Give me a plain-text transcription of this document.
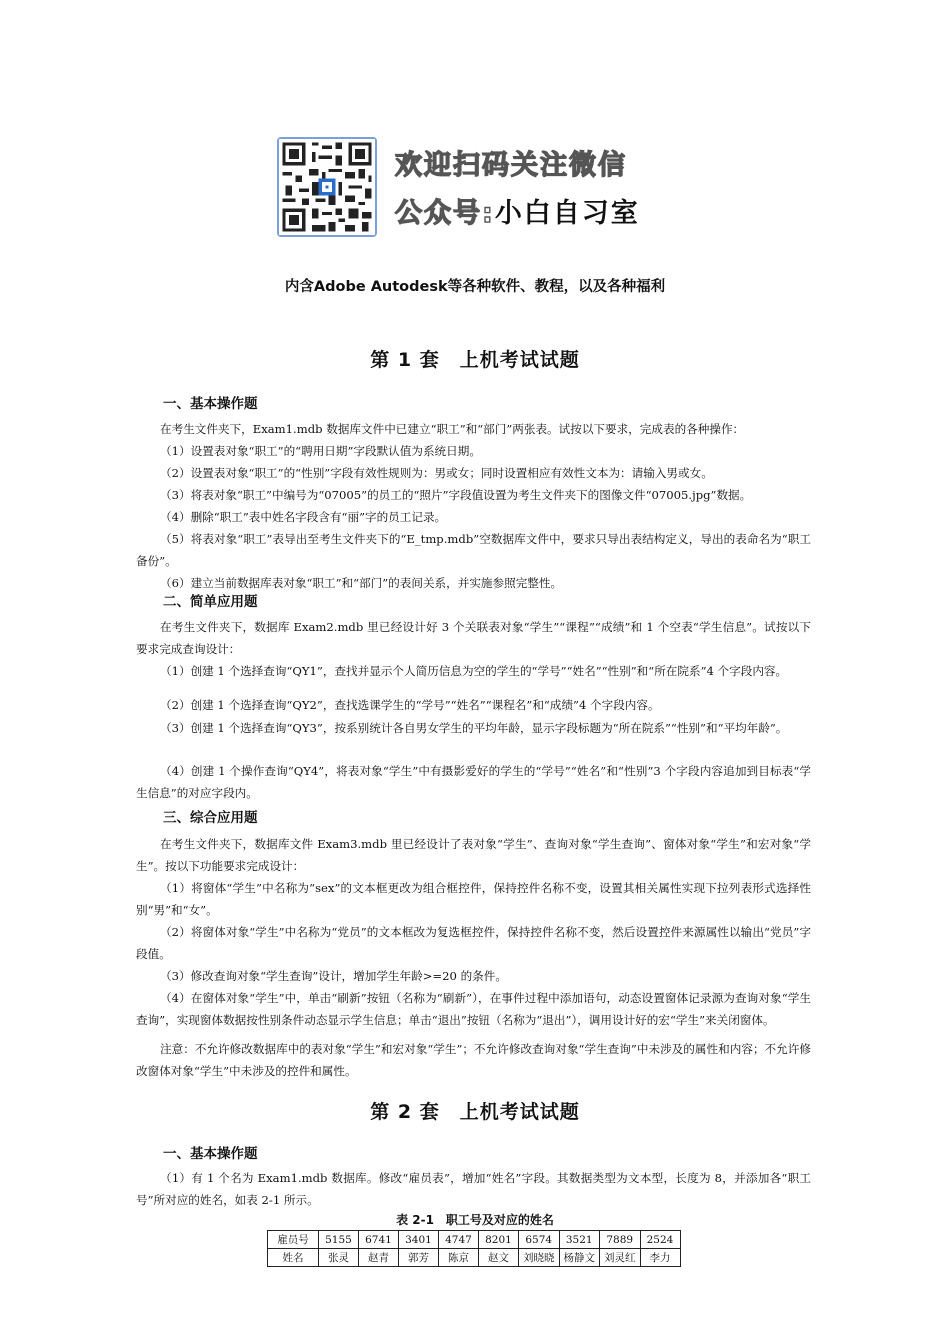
欢迎扫码关注微信
公众号:小白自习室
内含Adobe Autodesk等各种软件、教程，以及各种福利
第 1 套　上机考试试题
一、基本操作题
在考生文件夹下，Exam1.mdb 数据库文件中已建立“职工”和“部门”两张表。试按以下要求，完成表的各种操作：
（1）设置表对象“职工”的“聘用日期”字段默认值为系统日期。
（2）设置表对象“职工”的“性别”字段有效性规则为：男或女；同时设置相应有效性文本为：请输入男或女。
（3）将表对象“职工”中编号为“07005”的员工的“照片”字段值设置为考生文件夹下的图像文件“07005.jpg”数据。
（4）删除“职工”表中姓名字段含有“丽”字的员工记录。
（5）将表对象“职工”表导出至考生文件夹下的“E_tmp.mdb”空数据库文件中，要求只导出表结构定义，导出的表命名为“职工备份”。
（6）建立当前数据库表对象“职工”和“部门”的表间关系，并实施参照完整性。
二、简单应用题
在考生文件夹下，数据库 Exam2.mdb 里已经设计好 3 个关联表对象“学生”“课程”“成绩”和 1 个空表“学生信息”。试按以下要求完成查询设计：
（1）创建 1 个选择查询“QY1”，查找并显示个人简历信息为空的学生的“学号”“姓名”“性别”和“所在院系”4 个字段内容。
（2）创建 1 个选择查询“QY2”，查找选课学生的“学号”“姓名”“课程名”和“成绩”4 个字段内容。
（3）创建 1 个选择查询“QY3”，按系别统计各自男女学生的平均年龄，显示字段标题为“所在院系”“性别”和“平均年龄”。
（4）创建 1 个操作查询“QY4”，将表对象“学生”中有摄影爱好的学生的“学号”“姓名”和“性别”3 个字段内容追加到目标表“学生信息”的对应字段内。
三、综合应用题
在考生文件夹下，数据库文件 Exam3.mdb 里已经设计了表对象“学生”、查询对象“学生查询”、窗体对象“学生”和宏对象“学生”。按以下功能要求完成设计：
（1）将窗体“学生”中名称为“sex”的文本框更改为组合框控件，保持控件名称不变，设置其相关属性实现下拉列表形式选择性别“男”和“女”。
（2）将窗体对象“学生”中名称为“党员”的文本框改为复选框控件，保持控件名称不变，然后设置控件来源属性以输出“党员”字段值。
（3）修改查询对象“学生查询”设计，增加学生年龄>=20 的条件。
（4）在窗体对象“学生”中，单击“刷新”按钮（名称为“刷新”），在事件过程中添加语句，动态设置窗体记录源为查询对象“学生查询”，实现窗体数据按性别条件动态显示学生信息；单击“退出”按钮（名称为“退出”），调用设计好的宏“学生”来关闭窗体。
注意：不允许修改数据库中的表对象“学生”和宏对象“学生”；不允许修改查询对象“学生查询”中未涉及的属性和内容；不允许修改窗体对象“学生”中未涉及的控件和属性。
第 2 套　上机考试试题
一、基本操作题
（1）有 1 个名为 Exam1.mdb 数据库。修改“雇员表”，增加“姓名”字段。其数据类型为文本型，长度为 8，并添加各“职工号”所对应的姓名，如表 2-1 所示。
表 2-1　职工号及对应的姓名
雇员号	5155	6741	3401	4747	8201	6574	3521	7889	2524
姓名	张灵	赵青	郭芳	陈京	赵文	刘晓晓	杨静文	刘灵红	李力
